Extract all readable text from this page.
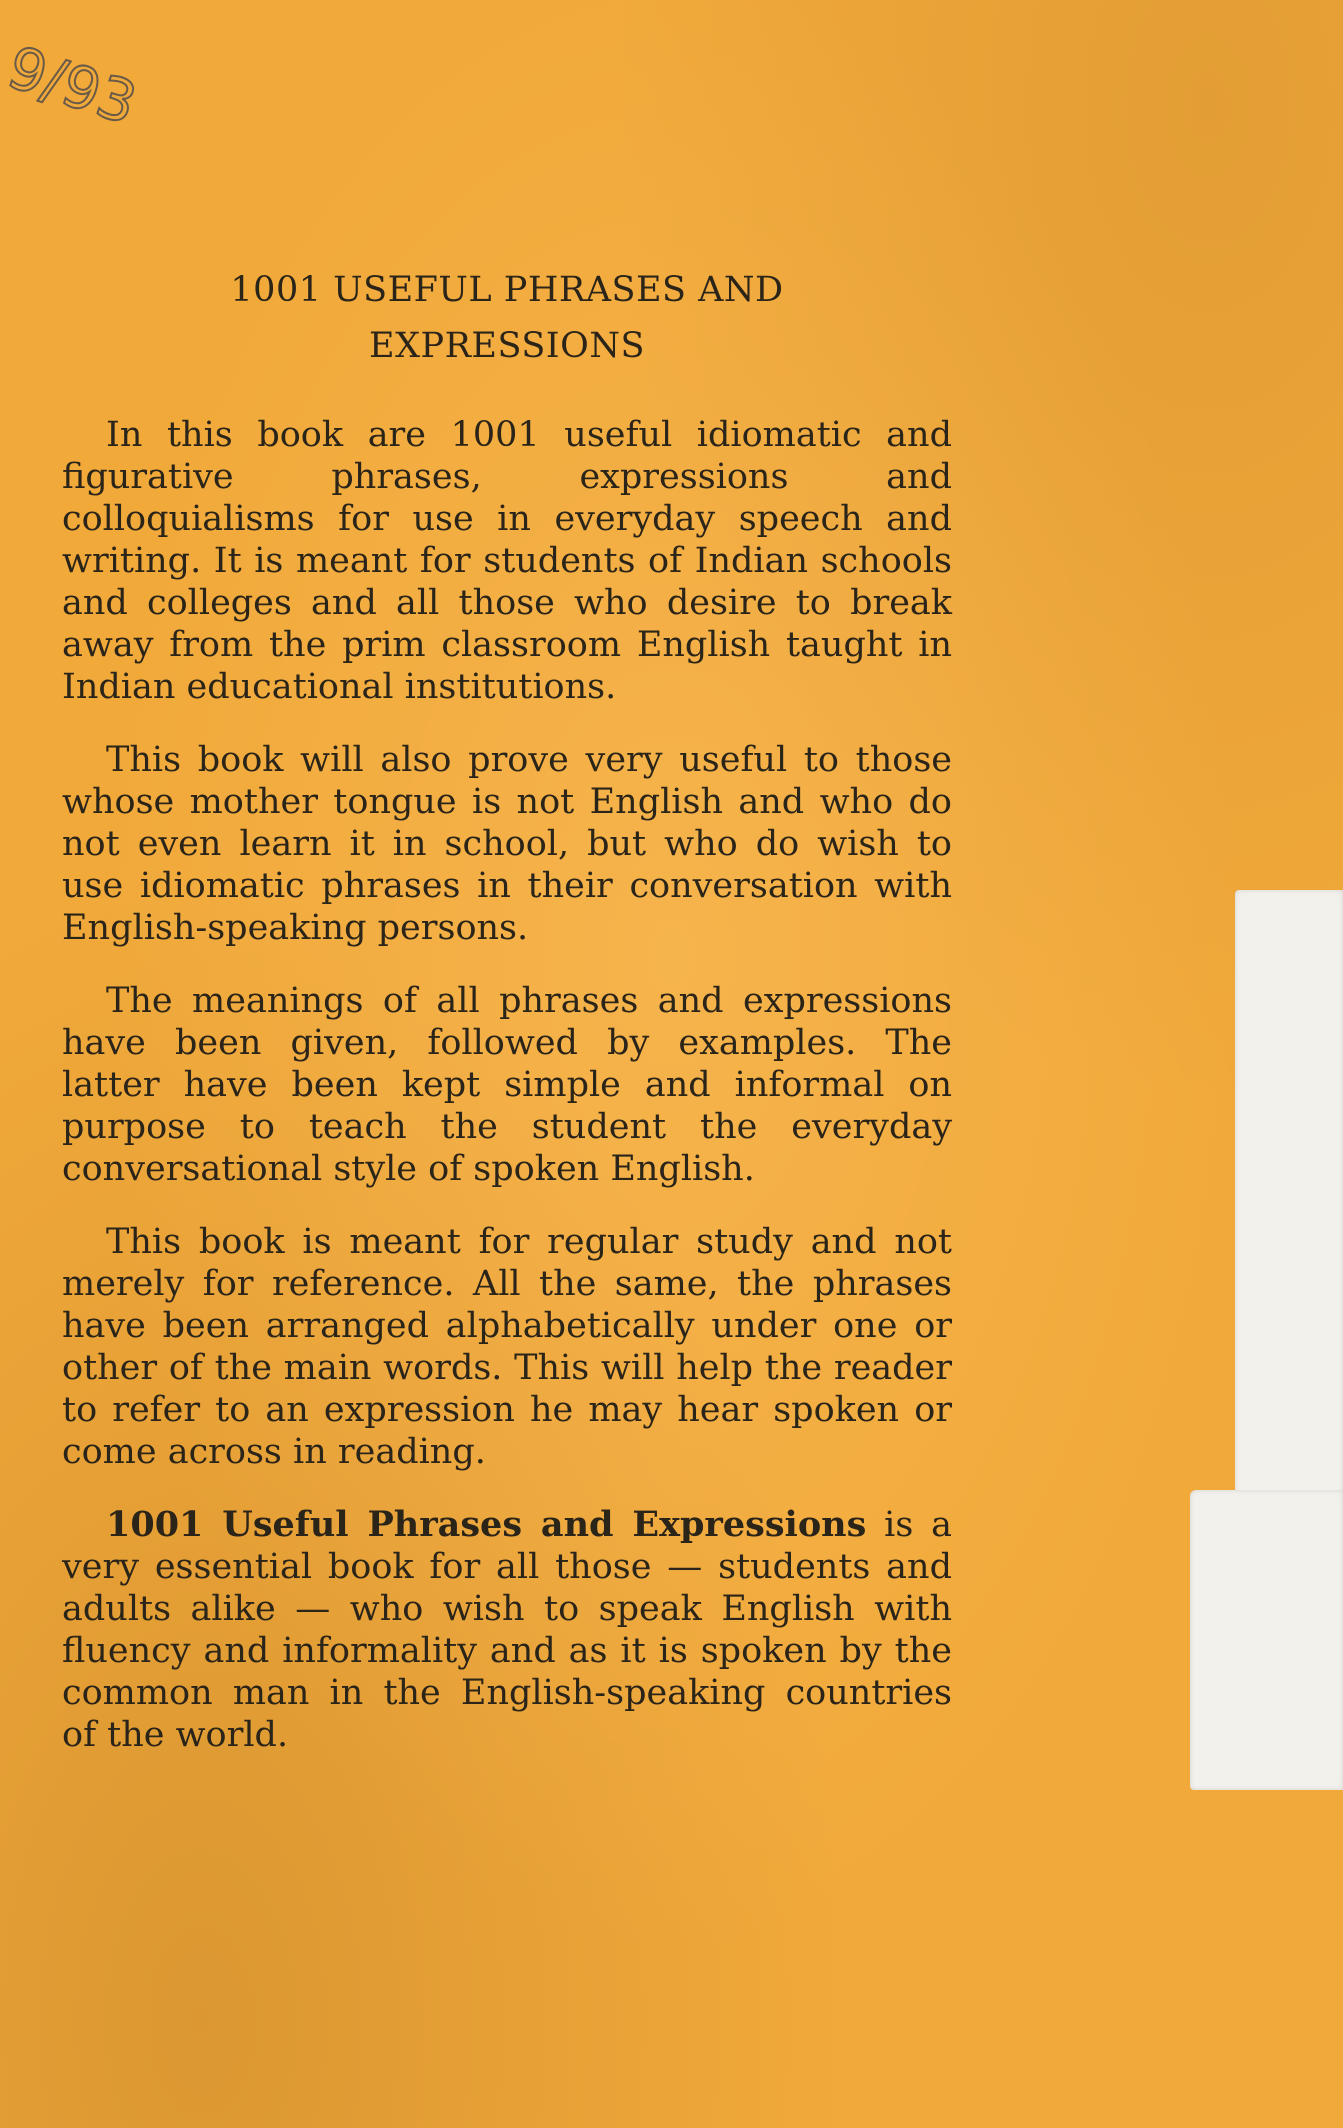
9/93
1001 USEFUL PHRASES AND
EXPRESSIONS

In this book are 1001 useful idiomatic and figurative phrases, expressions and colloquialisms for use in everyday speech and writing. It is meant for students of Indian schools and colleges and all those who desire to break away from the prim classroom English taught in Indian educational institutions.

This book will also prove very useful to those whose mother tongue is not English and who do not even learn it in school, but who do wish to use idiomatic phrases in their conversation with English-speaking persons.

The meanings of all phrases and expressions have been given, followed by examples. The latter have been kept simple and informal on purpose to teach the student the everyday conversational style of spoken English.

This book is meant for regular study and not merely for reference. All the same, the phrases have been arranged alphabetically under one or other of the main words. This will help the reader to refer to an expression he may hear spoken or come across in reading.

1001 Useful Phrases and Expressions is a very essential book for all those — students and adults alike — who wish to speak English with fluency and informality and as it is spoken by the common man in the English-speaking countries of the world.
